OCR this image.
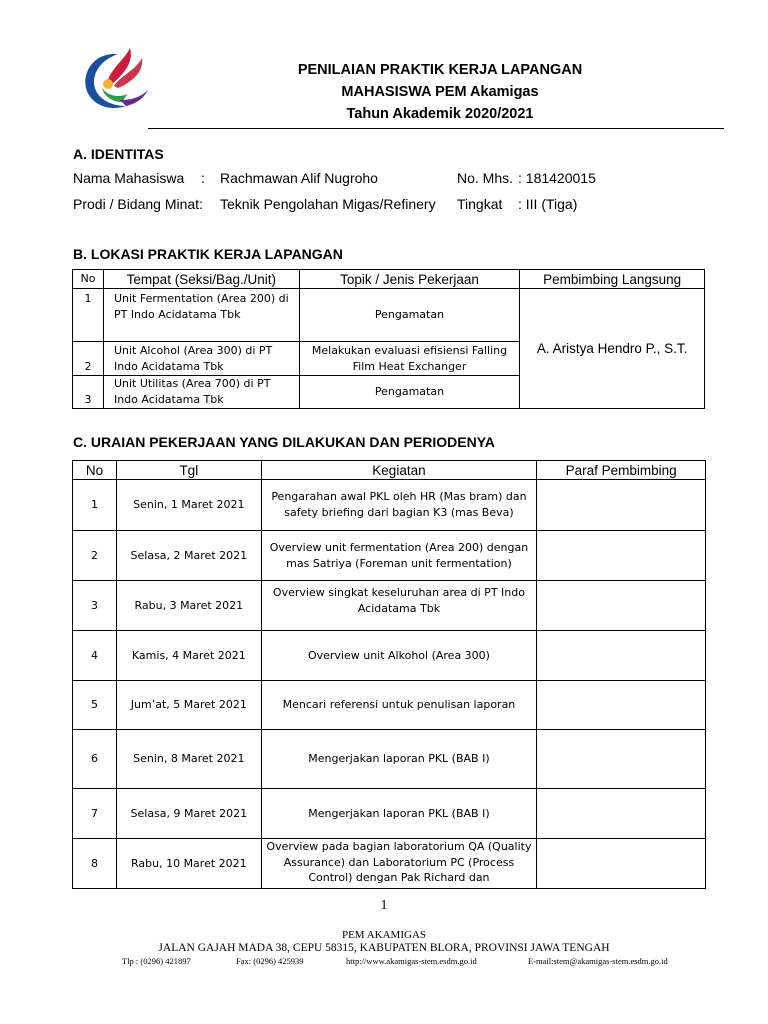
PENILAIAN PRAKTIK KERJA LAPANGAN
MAHASISWA PEM Akamigas
Tahun Akademik 2020/2021
A. IDENTITAS
Nama Mahasiswa : Rachmawan Alif Nugroho	No. Mhs. : 181420015
Prodi / Bidang Minat: Teknik Pengolahan Migas/Refinery Tingkat : III (Tiga)
B. LOKASI PRAKTIK KERJA LAPANGAN
No	Tempat (Seksi/Bag./Unit)	Topik / Jenis Pekerjaan	Pembimbing Langsung
1	Unit Fermentation (Area 200) di PT Indo Acidatama Tbk	Pengamatan	A. Aristya Hendro P., S.T.
2	Unit Alcohol (Area 300) di PT Indo Acidatama Tbk	Melakukan evaluasi efisiensi Falling Film Heat Exchanger	
3	Unit Utilitas (Area 700) di PT Indo Acidatama Tbk	Pengamatan	
C. URAIAN PEKERJAAN YANG DILAKUKAN DAN PERIODENYA
No	Tgl	Kegiatan	Paraf Pembimbing
1	Senin, 1 Maret 2021	Pengarahan awal PKL oleh HR (Mas bram) dan safety briefing dari bagian K3 (mas Beva)	
2	Selasa, 2 Maret 2021	Overview unit fermentation (Area 200) dengan mas Satriya (Foreman unit fermentation)	
3	Rabu, 3 Maret 2021	Overview singkat keseluruhan area di PT Indo Acidatama Tbk	
4	Kamis, 4 Maret 2021	Overview unit Alkohol (Area 300)	
5	Jum’at, 5 Maret 2021	Mencari referensi untuk penulisan laporan	
6	Senin, 8 Maret 2021	Mengerjakan laporan PKL (BAB I)	
7	Selasa, 9 Maret 2021	Mengerjakan laporan PKL (BAB I)	
8	Rabu, 10 Maret 2021	Overview pada bagian laboratorium QA (Quality Assurance) dan Laboratorium PC (Process Control) dengan Pak Richard dan	
1
PEM AKAMIGAS
JALAN GAJAH MADA 38, CEPU 58315, KABUPATEN BLORA, PROVINSI JAWA TENGAH
Tlp : (0296) 421897	Fax: (0296) 425939	http://www.akamigas-stem.esdm.go.id	E-mail:stem@akamigas-stem.esdm.go.id
